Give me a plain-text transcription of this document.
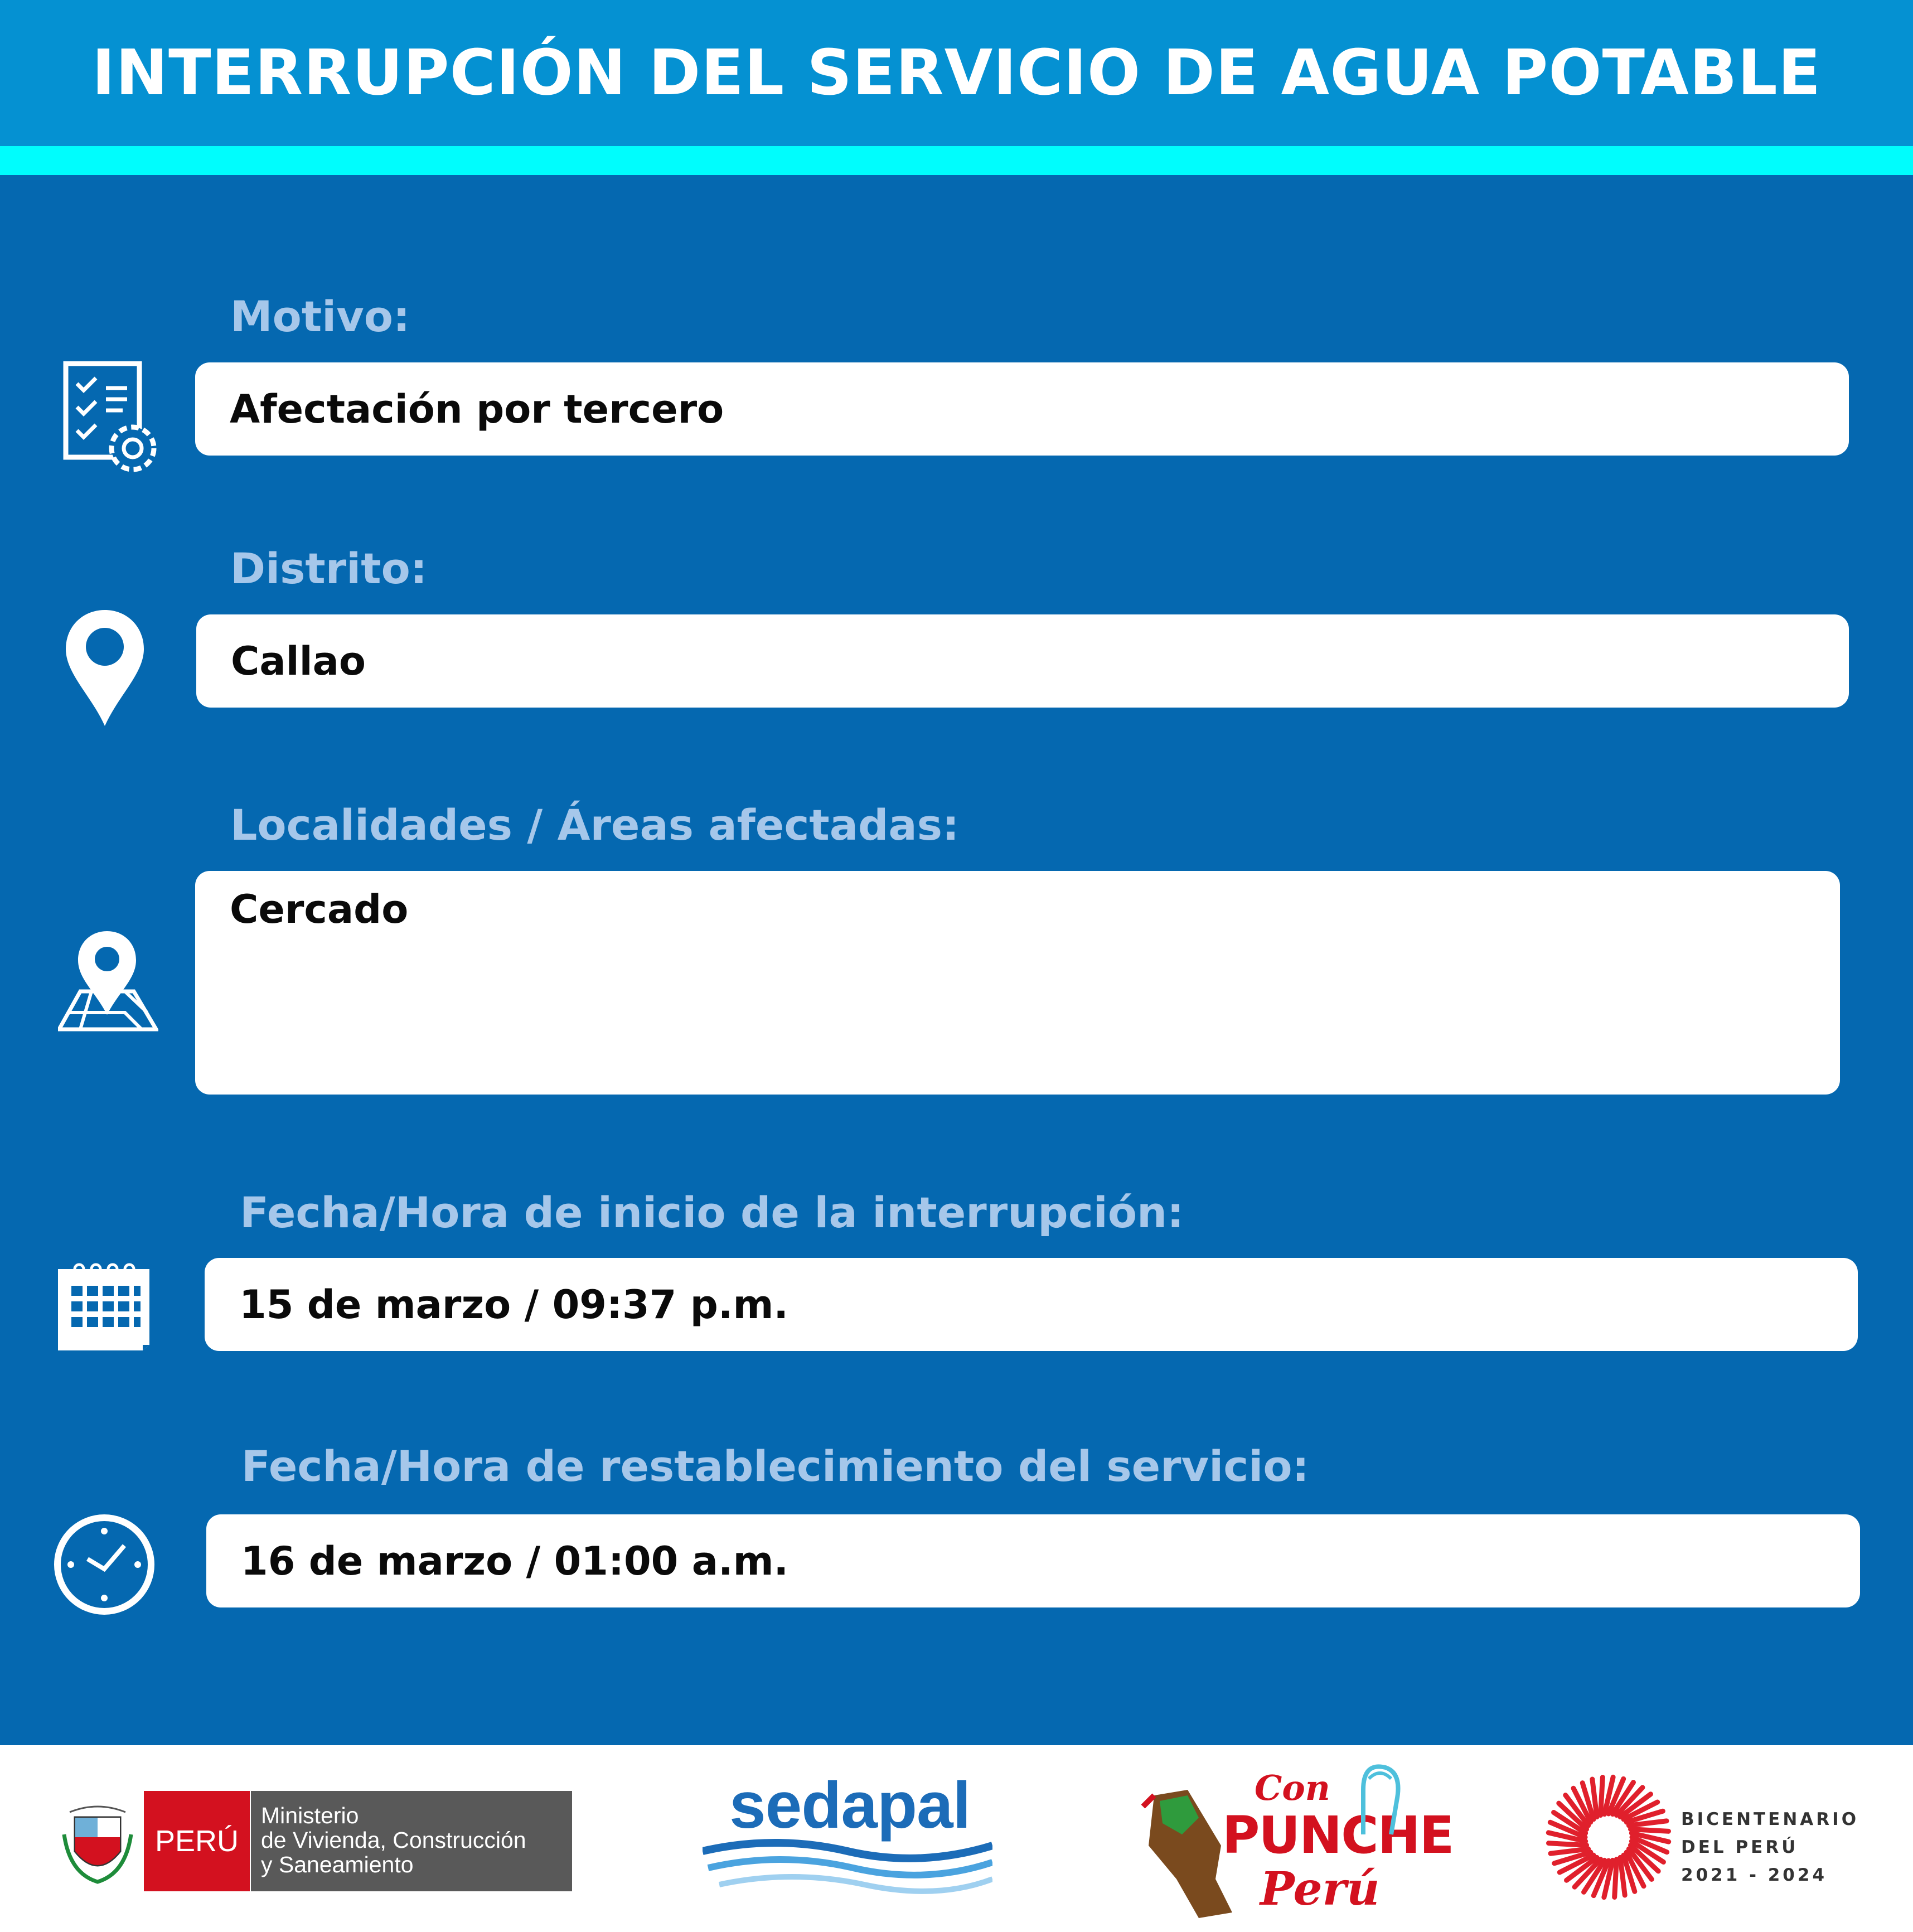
INTERRUPCIÓN DEL SERVICIO DE AGUA POTABLE
Motivo:
Afectación por tercero
Distrito:
Callao
Localidades / Áreas afectadas:
Cercado
Fecha/Hora de inicio de la interrupción:
15 de marzo / 09:37 p.m.
Fecha/Hora de restablecimiento del servicio:
16 de marzo / 01:00 a.m.
PERÚ
Ministerio
de Vivienda, Construcción
y Saneamiento
sedapal	Con
PUNCHE
Perú
BICENTENARIO
DEL PERÚ
2021 - 2024
